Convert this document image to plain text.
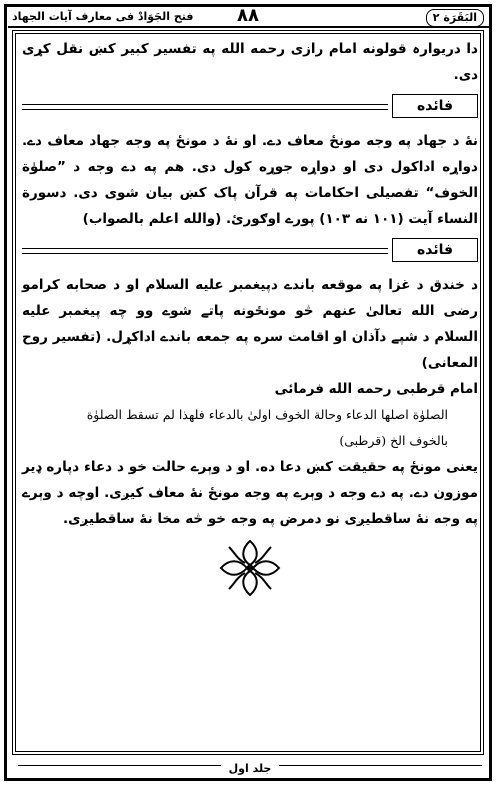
فتح الجَوَادْ فی معارف آيات الجهاد	۸۸	البَقَرَة ۲

دا دريوارہ قولونه امام رازى رحمه الله په تفسير كبير كښ نقل كړى دى.

فائده

نۀ د جهاد په وجه مونځ معاف دے. او نۀ د مونځ په وجه جهاد معاف دے. دواړه اداكول دى او دواړه جوړه كول دى. هم په دے وجه د ”صلوٰة الخوف“ تفصيلى احكامات په قرآن پاک كښ بيان شوى دى. دسورة النساء آيت (۱۰۱ نه ۱۰۳) پورے اوګورئ. (والله اعلم بالصواب)

فائده

د خندق د غزا په موقعه باندے دپيغمبر عليه السلام او د صحابه كرامو رضى الله تعالىٰ عنهم څو مونځونه پاتے شوے وو چه پيغمبر عليه السلام د شپے دآذان او اقامت سره په جمعه باندے اداكړل. (تفسير روح المعانى)

امام قرطبى رحمه الله فرمائى

الصلوٰة اصلها الدعاء وحالة الخوف اولىٰ بالدعاء فلهذا لم تسقط الصلوٰة

بالخوف الخ (قرطبى)

يعنى مونځ په حقيقت كښ دعا ده. او د وېرے حالت خو د دعاء دپاره ډير موزون دے. په دے وجه د وېرے په وجه مونځ نۀ معاف كيږى. اوچه د وېرے په وجه نۀ ساقطيږى نو دمرض په وجه خو څه مخا نۀ ساقطيږى.

جلد اول
